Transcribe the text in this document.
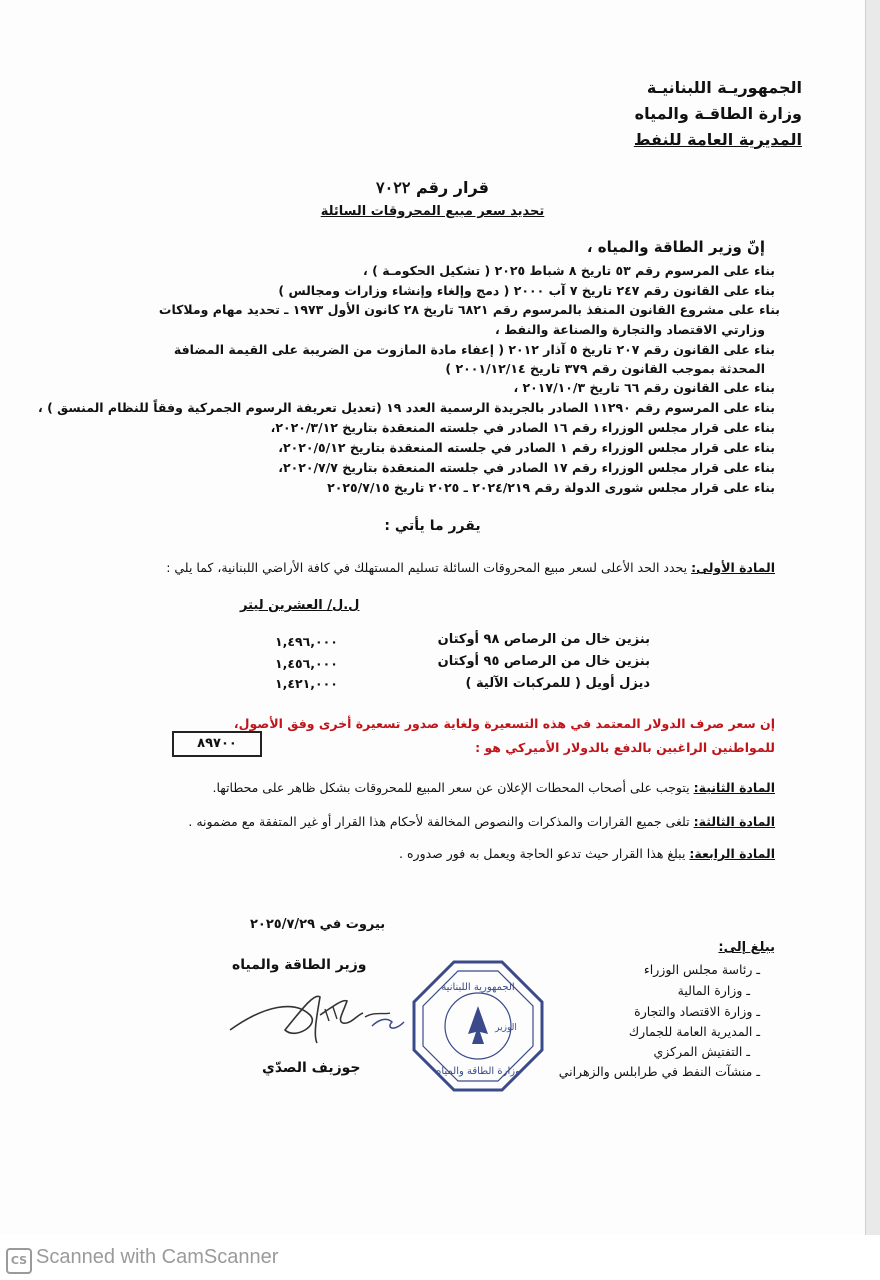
الجمهوريـة اللبنانيـة
وزارة الطاقـة والمياه
المديرية العامة للنفط
قرار رقم ٧٠٢٢
تحديد سعر مبيع المحروقات السائلة
إنّ وزير الطاقة والمياه ،
بناء على المرسوم رقم ٥٣ تاريخ ٨ شباط ٢٠٢٥ ( تشكيل الحكومـة ) ،
بناء على القانون رقم ٢٤٧ تاريخ ٧ آب ٢٠٠٠ ( دمج وإلغاء وإنشاء وزارات ومجالس )
بناء على مشروع القانون المنفذ بالمرسوم رقم ٦٨٢١ تاريخ ٢٨ كانون الأول ١٩٧٣ ـ تحديد مهام وملاكات
وزارتي الاقتصاد والتجارة والصناعة والنفط ،
بناء على القانون رقم ٢٠٧ تاريخ ٥ آذار ٢٠١٢ ( إعفاء مادة المازوت من الضريبة على القيمة المضافة
المحدثة بموجب القانون رقم ٣٧٩ تاريخ ٢٠٠١/١٢/١٤ )
بناء على القانون رقم ٦٦ تاريخ ٢٠١٧/١٠/٣ ،
بناء على المرسوم رقم ١١٢٩٠ الصادر بالجريدة الرسمية العدد ١٩ (تعديل تعريفة الرسوم الجمركية وفقاً للنظام المنسق ) ،
بناء على قرار مجلس الوزراء رقم ١٦ الصادر في جلسته المنعقدة بتاريخ ٢٠٢٠/٣/١٢،
بناء على قرار مجلس الوزراء رقم ١ الصادر في جلسته المنعقدة بتاريخ ٢٠٢٠/٥/١٢،
بناء على قرار مجلس الوزراء رقم ١٧ الصادر في جلسته المنعقدة بتاريخ ٢٠٢٠/٧/٧،
بناء على قرار مجلس شورى الدولة رقم ٢٠٢٤/٢١٩ ـ ٢٠٢٥ تاريخ ٢٠٢٥/٧/١٥
يقرر ما يأتي :
المادة الأولى: يحدد الحد الأعلى لسعر مبيع المحروقات السائلة تسليم المستهلك في كافة الأراضي اللبنانية، كما يلي :
ل.ل/ العشرين ليتر
بنزين خال من الرصاص ٩٨ أوكتان
١,٤٩٦,٠٠٠
بنزين خال من الرصاص ٩٥ أوكتان
١,٤٥٦,٠٠٠
ديزل أويل ( للمركبات الآلية )
١,٤٢١,٠٠٠
إن سعر صرف الدولار المعتمد في هذه التسعيرة ولغاية صدور تسعيرة أخرى وفق الأصول،
للمواطنين الراغبين بالدفع بالدولار الأميركي هو :
٨٩٧٠٠
المادة الثانية: يتوجب على أصحاب المحطات الإعلان عن سعر المبيع للمحروقات بشكل ظاهر على محطاتها.
المادة الثالثة: تلغى جميع القرارات والمذكرات والنصوص المخالفة لأحكام هذا القرار أو غير المتفقة مع مضمونه .
المادة الرابعة: يبلغ هذا القرار حيث تدعو الحاجة ويعمل به فور صدوره .
بيروت في ٢٠٢٥/٧/٢٩
وزير الطاقة والمياه
جوزيف الصدّي
الجمهورية اللبنانية
وزارة الطاقة والمياه
الوزير
يبلغ إلى:
ـ رئاسة مجلس الوزراء
ـ وزارة المالية
ـ وزارة الاقتصاد والتجارة
ـ المديرية العامة للجمارك
ـ التفتيش المركزي
ـ منشآت النفط في طرابلس والزهراني
CS Scanned with CamScanner
